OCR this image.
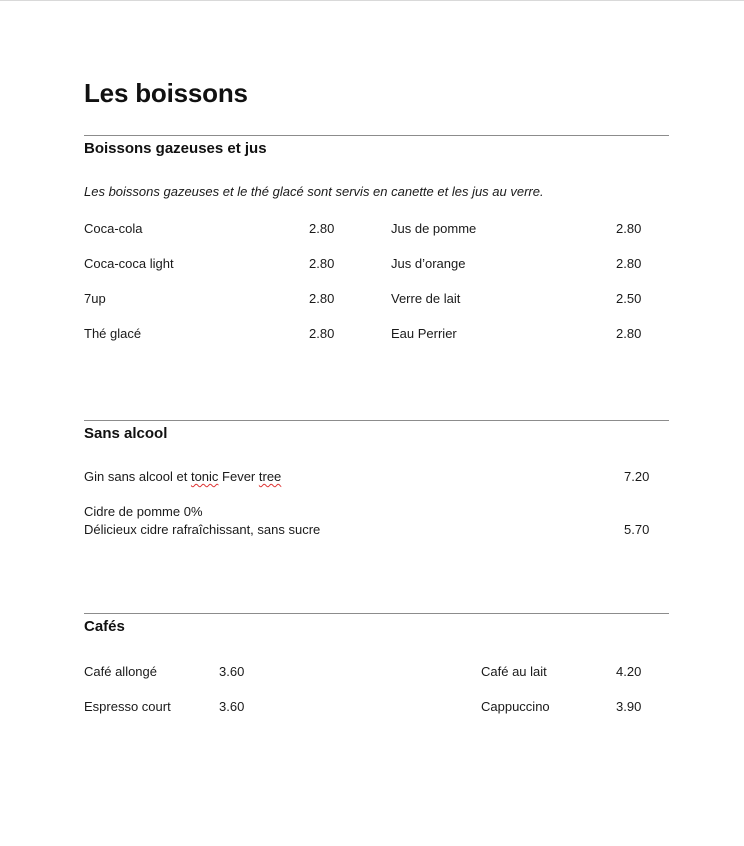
Les boissons
Boissons gazeuses et jus
Les boissons gazeuses et le thé glacé sont servis en canette et les jus au verre.
Coca-cola	2.80	Jus de pomme	2.80
Coca-coca light	2.80	Jus d’orange	2.80
7up	2.80	Verre de lait	2.50
Thé glacé	2.80	Eau Perrier	2.80
Sans alcool
Gin sans alcool et tonic Fever tree	7.20
Cidre de pomme 0%
Délicieux cidre rafraîchissant, sans sucre	5.70
Cafés
Café allongé	3.60	Café au lait	4.20
Espresso court	3.60	Cappuccino	3.90
